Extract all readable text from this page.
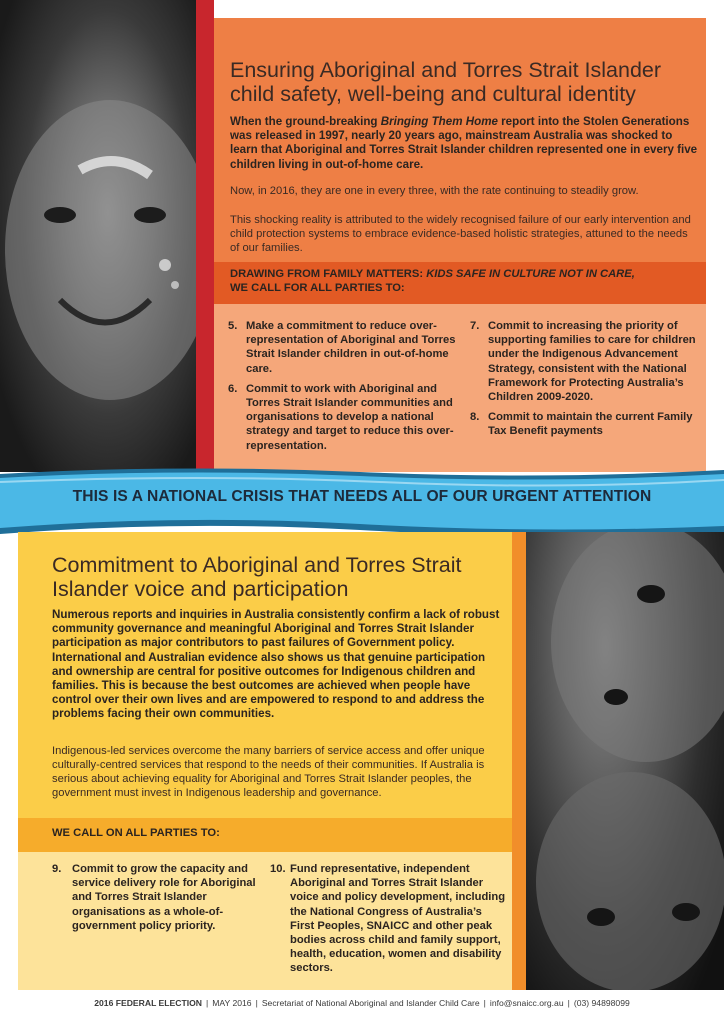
Ensuring Aboriginal and Torres Strait Islander child safety, well-being and cultural identity
When the ground-breaking Bringing Them Home report into the Stolen Generations was released in 1997, nearly 20 years ago, mainstream Australia was shocked to learn that Aboriginal and Torres Strait Islander children represented one in every five children living in out-of-home care.
Now, in 2016, they are one in every three, with the rate continuing to steadily grow.
This shocking reality is attributed to the widely recognised failure of our early intervention and child protection systems to embrace evidence-based holistic strategies, attuned to the needs of our families.
DRAWING FROM FAMILY MATTERS: KIDS SAFE IN CULTURE NOT IN CARE,
WE CALL FOR ALL PARTIES TO:
5. Make a commitment to reduce over-representation of Aboriginal and Torres Strait Islander children in out-of-home care.
6. Commit to work with Aboriginal and Torres Strait Islander communities and organisations to develop a national strategy and target to reduce this over-representation.
7. Commit to increasing the priority of supporting families to care for children under the Indigenous Advancement Strategy, consistent with the National Framework for Protecting Australia’s Children 2009-2020.
8. Commit to maintain the current Family Tax Benefit payments
THIS IS A NATIONAL CRISIS THAT NEEDS ALL OF OUR URGENT ATTENTION
Commitment to Aboriginal and Torres Strait Islander voice and participation
Numerous reports and inquiries in Australia consistently confirm a lack of robust community governance and meaningful Aboriginal and Torres Strait Islander participation as major contributors to past failures of Government policy. International and Australian evidence also shows us that genuine participation and ownership are central for positive outcomes for Indigenous children and families. This is because the best outcomes are achieved when people have control over their own lives and are empowered to respond to and address the problems facing their own communities.
Indigenous-led services overcome the many barriers of service access and offer unique culturally-centred services that respond to the needs of their communities. If Australia is serious about achieving equality for Aboriginal and Torres Strait Islander peoples, the government must invest in Indigenous leadership and governance.
WE CALL ON ALL PARTIES TO:
9. Commit to grow the capacity and service delivery role for Aboriginal and Torres Strait Islander organisations as a whole-of-government policy priority.
10. Fund representative, independent Aboriginal and Torres Strait Islander voice and policy development, including the National Congress of Australia’s First Peoples, SNAICC and other peak bodies across child and family support, health, education, women and disability sectors.
2016 FEDERAL ELECTION | MAY 2016 | Secretariat of National Aboriginal and Islander Child Care | info@snaicc.org.au | (03) 94898099
